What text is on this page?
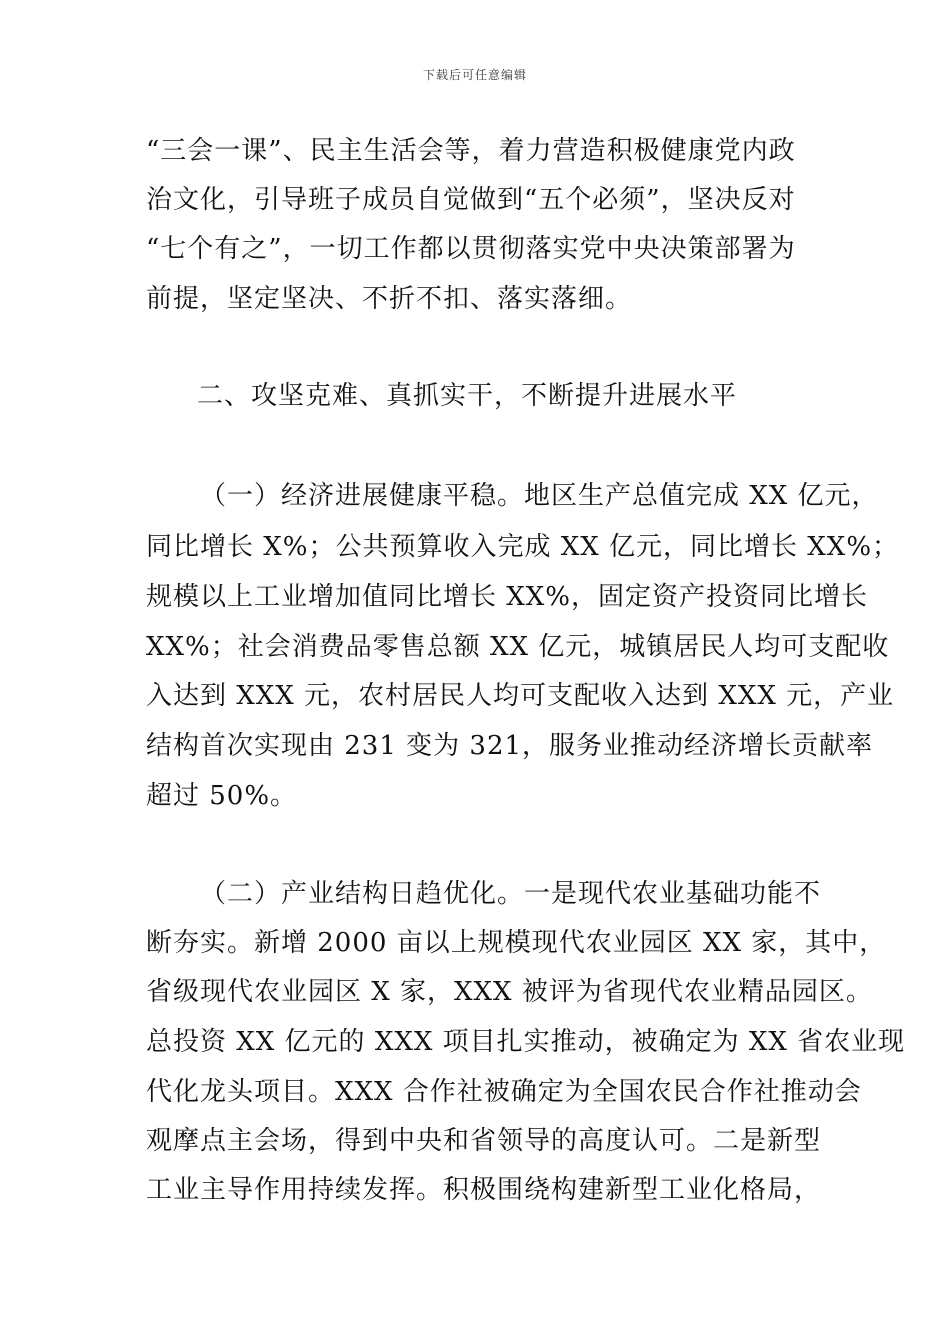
下载后可任意编辑
“三会一课”、民主生活会等，着力营造积极健康党内政
治文化，引导班子成员自觉做到“五个必须”，坚决反对
“七个有之”，一切工作都以贯彻落实党中央决策部署为
前提，坚定坚决、不折不扣、落实落细。
二、攻坚克难、真抓实干，不断提升进展水平
（一）经济进展健康平稳。地区生产总值完成 XX 亿元，
同比增长 X%；公共预算收入完成 XX 亿元，同比增长 XX%；
规模以上工业增加值同比增长 XX%，固定资产投资同比增长
XX%；社会消费品零售总额 XX 亿元，城镇居民人均可支配收
入达到 XXX 元，农村居民人均可支配收入达到 XXX 元，产业
结构首次实现由 231 变为 321，服务业推动经济增长贡献率
超过 50%。
（二）产业结构日趋优化。一是现代农业基础功能不
断夯实。新增 2000 亩以上规模现代农业园区 XX 家，其中，
省级现代农业园区 X 家，XXX 被评为省现代农业精品园区。
总投资 XX 亿元的 XXX 项目扎实推动，被确定为 XX 省农业现
代化龙头项目。XXX 合作社被确定为全国农民合作社推动会
观摩点主会场，得到中央和省领导的高度认可。二是新型
工业主导作用持续发挥。积极围绕构建新型工业化格局，
